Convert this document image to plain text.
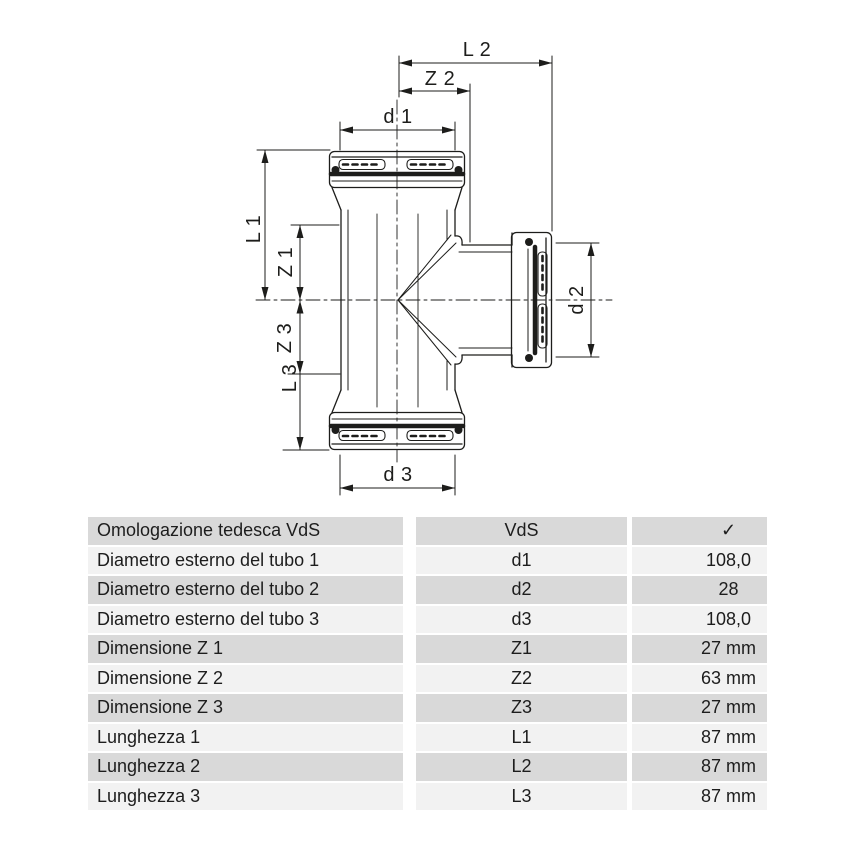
L 2
Z 2
d 1
d 3
L 1
Z 1
Z 3
L 3
d 2
Omologazione tedesca VdS	VdS	✓
Diametro esterno del tubo 1	d1	108,0
Diametro esterno del tubo 2	d2	28
Diametro esterno del tubo 3	d3	108,0
Dimensione Z 1	Z1	27 mm
Dimensione Z 2	Z2	63 mm
Dimensione Z 3	Z3	27 mm
Lunghezza 1	L1	87 mm
Lunghezza 2	L2	87 mm
Lunghezza 3	L3	87 mm
